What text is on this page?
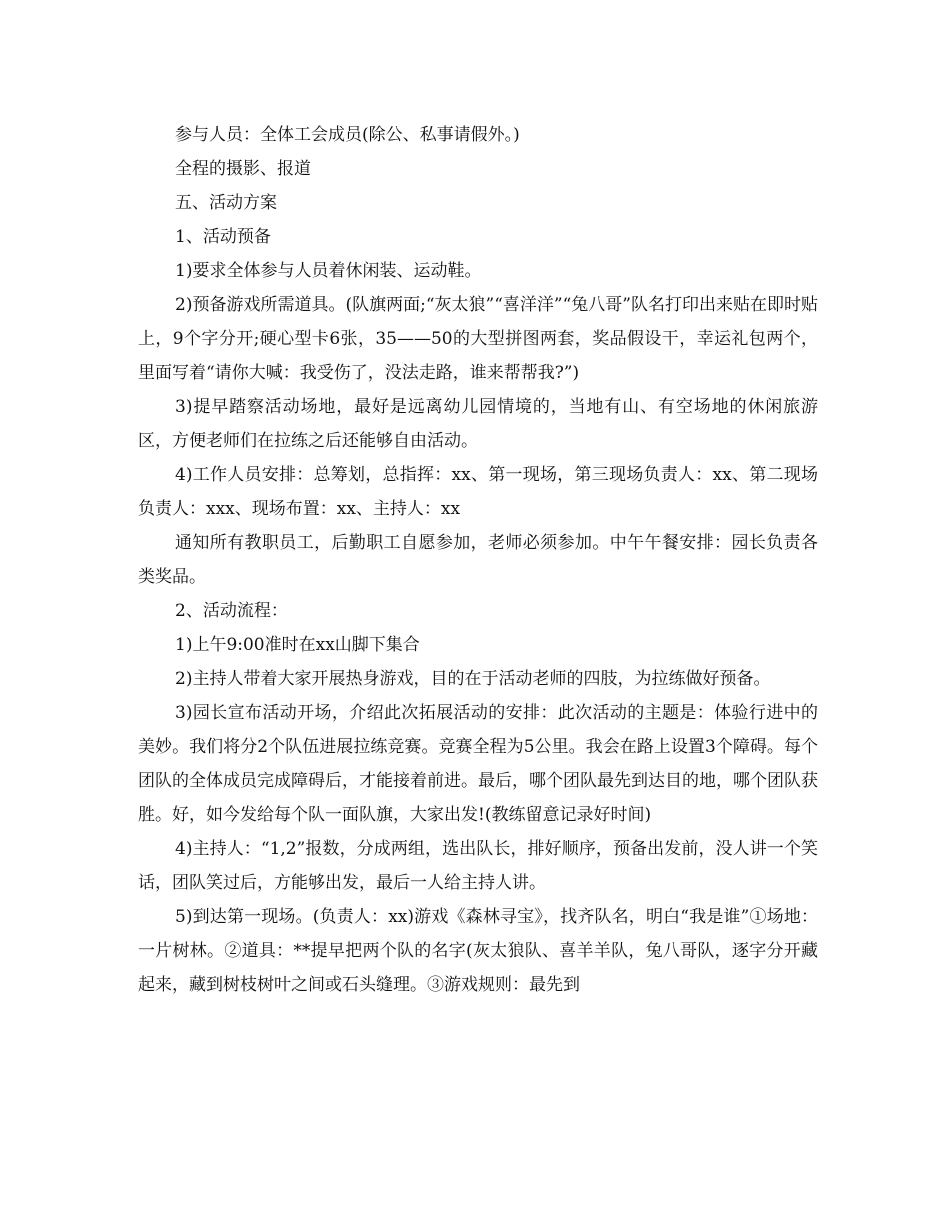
参与人员：全体工会成员(除公、私事请假外。)

全程的摄影、报道

五、活动方案

1、活动预备

1)要求全体参与人员着休闲装、运动鞋。

2)预备游戏所需道具。(队旗两面;“灰太狼”“喜洋洋”“兔八哥”队名打印出来贴在即时贴上，9个字分开;硬心型卡6张，35——50的大型拼图两套，奖品假设干，幸运礼包两个，里面写着“请你大喊：我受伤了，没法走路，谁来帮帮我?”)

3)提早踏察活动场地，最好是远离幼儿园情境的，当地有山、有空场地的休闲旅游区，方便老师们在拉练之后还能够自由活动。

4)工作人员安排：总筹划，总指挥：xx、第一现场，第三现场负责人：xx、第二现场负责人：xxx、现场布置：xx、主持人：xx

通知所有教职员工，后勤职工自愿参加，老师必须参加。中午午餐安排：园长负责各类奖品。

2、活动流程：

1)上午9:00准时在xx山脚下集合

2)主持人带着大家开展热身游戏，目的在于活动老师的四肢，为拉练做好预备。

3)园长宣布活动开场，介绍此次拓展活动的安排：此次活动的主题是：体验行进中的美妙。我们将分2个队伍进展拉练竞赛。竞赛全程为5公里。我会在路上设置3个障碍。每个团队的全体成员完成障碍后，才能接着前进。最后，哪个团队最先到达目的地，哪个团队获胜。好，如今发给每个队一面队旗，大家出发!(教练留意记录好时间)

4)主持人：“1,2”报数，分成两组，选出队长，排好顺序，预备出发前，没人讲一个笑话，团队笑过后，方能够出发，最后一人给主持人讲。

5)到达第一现场。(负责人：xx)游戏《森林寻宝》，找齐队名，明白“我是谁”①场地：一片树林。②道具：**提早把两个队的名字(灰太狼队、喜羊羊队，兔八哥队，逐字分开藏起来，藏到树枝树叶之间或石头缝理。③游戏规则：最先到
